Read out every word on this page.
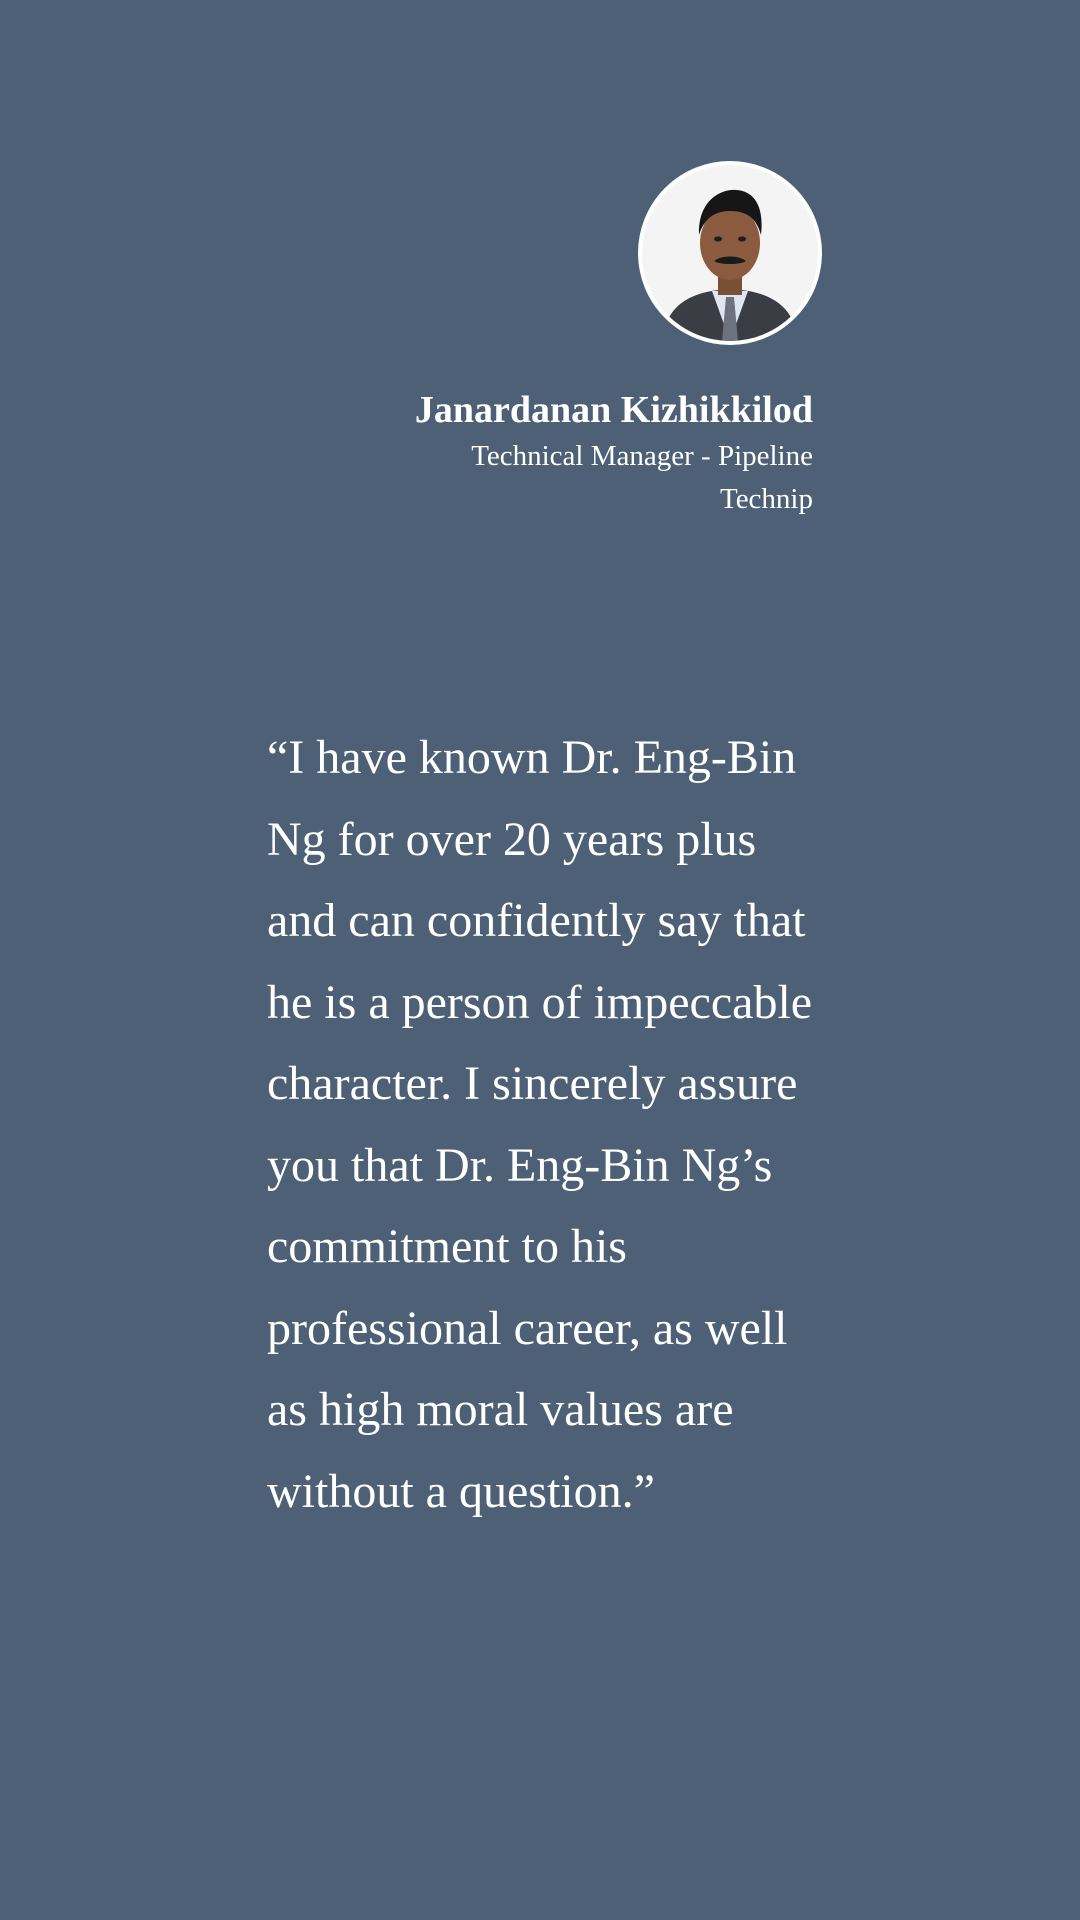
Janardanan Kizhikkilod

Technical Manager - Pipeline

Technip

“I have known Dr. Eng-Bin Ng for over 20 years plus and can confidently say that he is a person of impeccable character. I sincerely assure you that Dr. Eng-Bin Ng’s commitment to his professional career, as well as high moral values are without a question.”
